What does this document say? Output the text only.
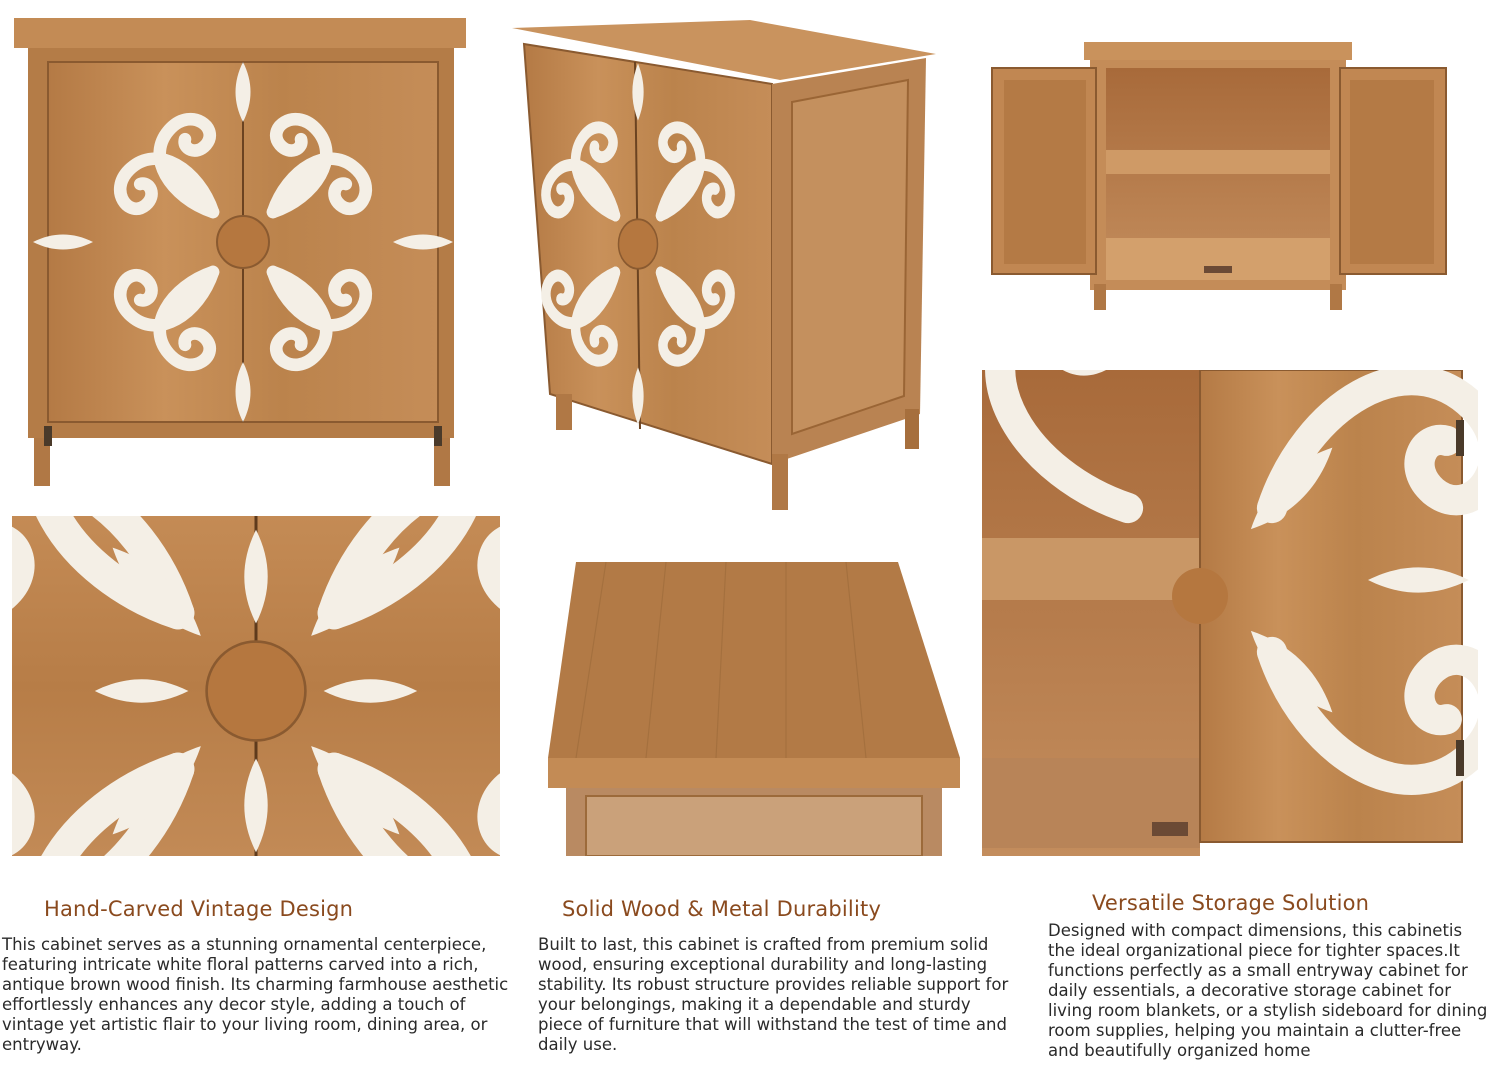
Hand-Carved Vintage Design

This cabinet serves as a stunning ornamental centerpiece, featuring intricate white floral patterns carved into a rich, antique brown wood finish. Its charming farmhouse aesthetic effortlessly enhances any decor style, adding a touch of vintage yet artistic flair to your living room, dining area, or entryway.

Solid Wood & Metal Durability

Built to last, this cabinet is crafted from premium solid wood, ensuring exceptional durability and long-lasting stability. Its robust structure provides reliable support for your belongings, making it a dependable and sturdy piece of furniture that will withstand the test of time and daily use.

Versatile Storage Solution

Designed with compact dimensions, this cabinetis the ideal organizational piece for tighter spaces.It functions perfectly as a small entryway cabinet for daily essentials, a decorative storage cabinet for living room blankets, or a stylish sideboard for dining room supplies, helping you maintain a clutter-free and beautifully organized home
